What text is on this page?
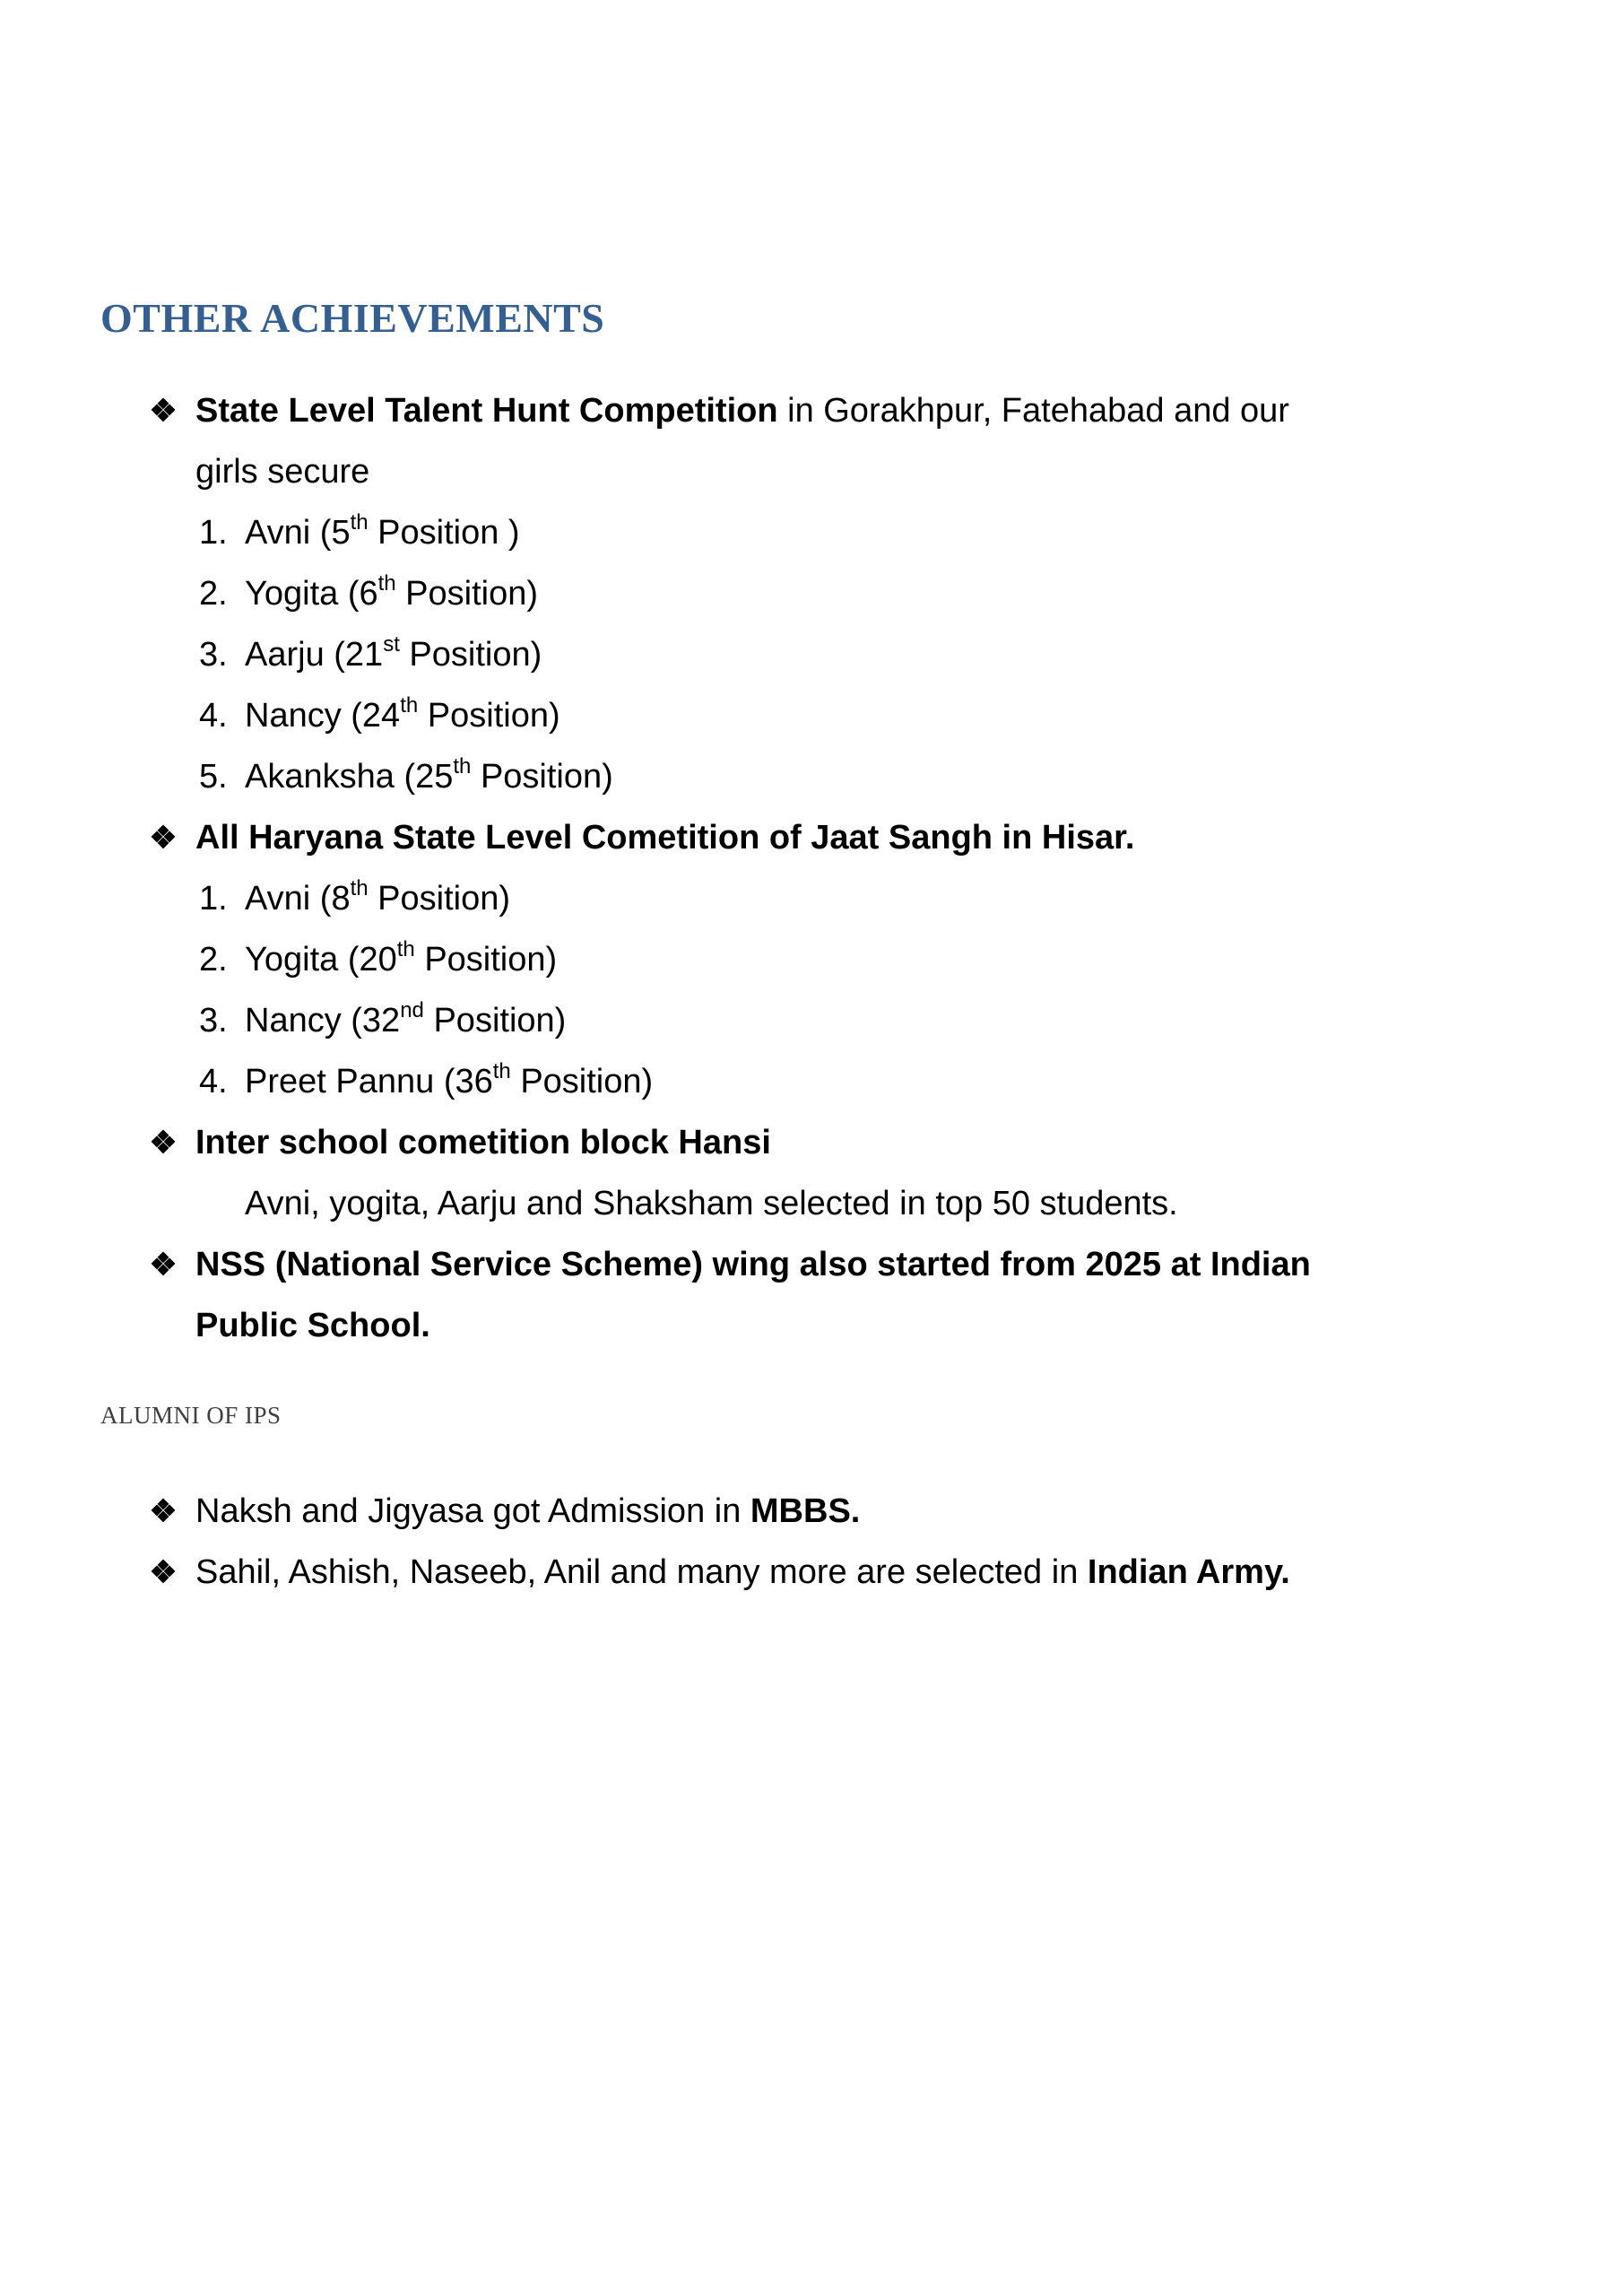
OTHER ACHIEVEMENTS
State Level Talent Hunt Competition in Gorakhpur, Fatehabad and our
girls secure
1. Avni (5th Position )
2. Yogita (6th Position)
3. Aarju (21st Position)
4. Nancy (24th Position)
5. Akanksha (25th Position)
All Haryana State Level Cometition of Jaat Sangh in Hisar.
1. Avni (8th Position)
2. Yogita (20th Position)
3. Nancy (32nd Position)
4. Preet Pannu (36th Position)
Inter school cometition block Hansi
Avni, yogita, Aarju and Shaksham selected in top 50 students.
NSS (National Service Scheme) wing also started from 2025 at Indian
Public School.
ALUMNI OF IPS
Naksh and Jigyasa got Admission in MBBS.
Sahil, Ashish, Naseeb, Anil and many more are selected in Indian Army.
